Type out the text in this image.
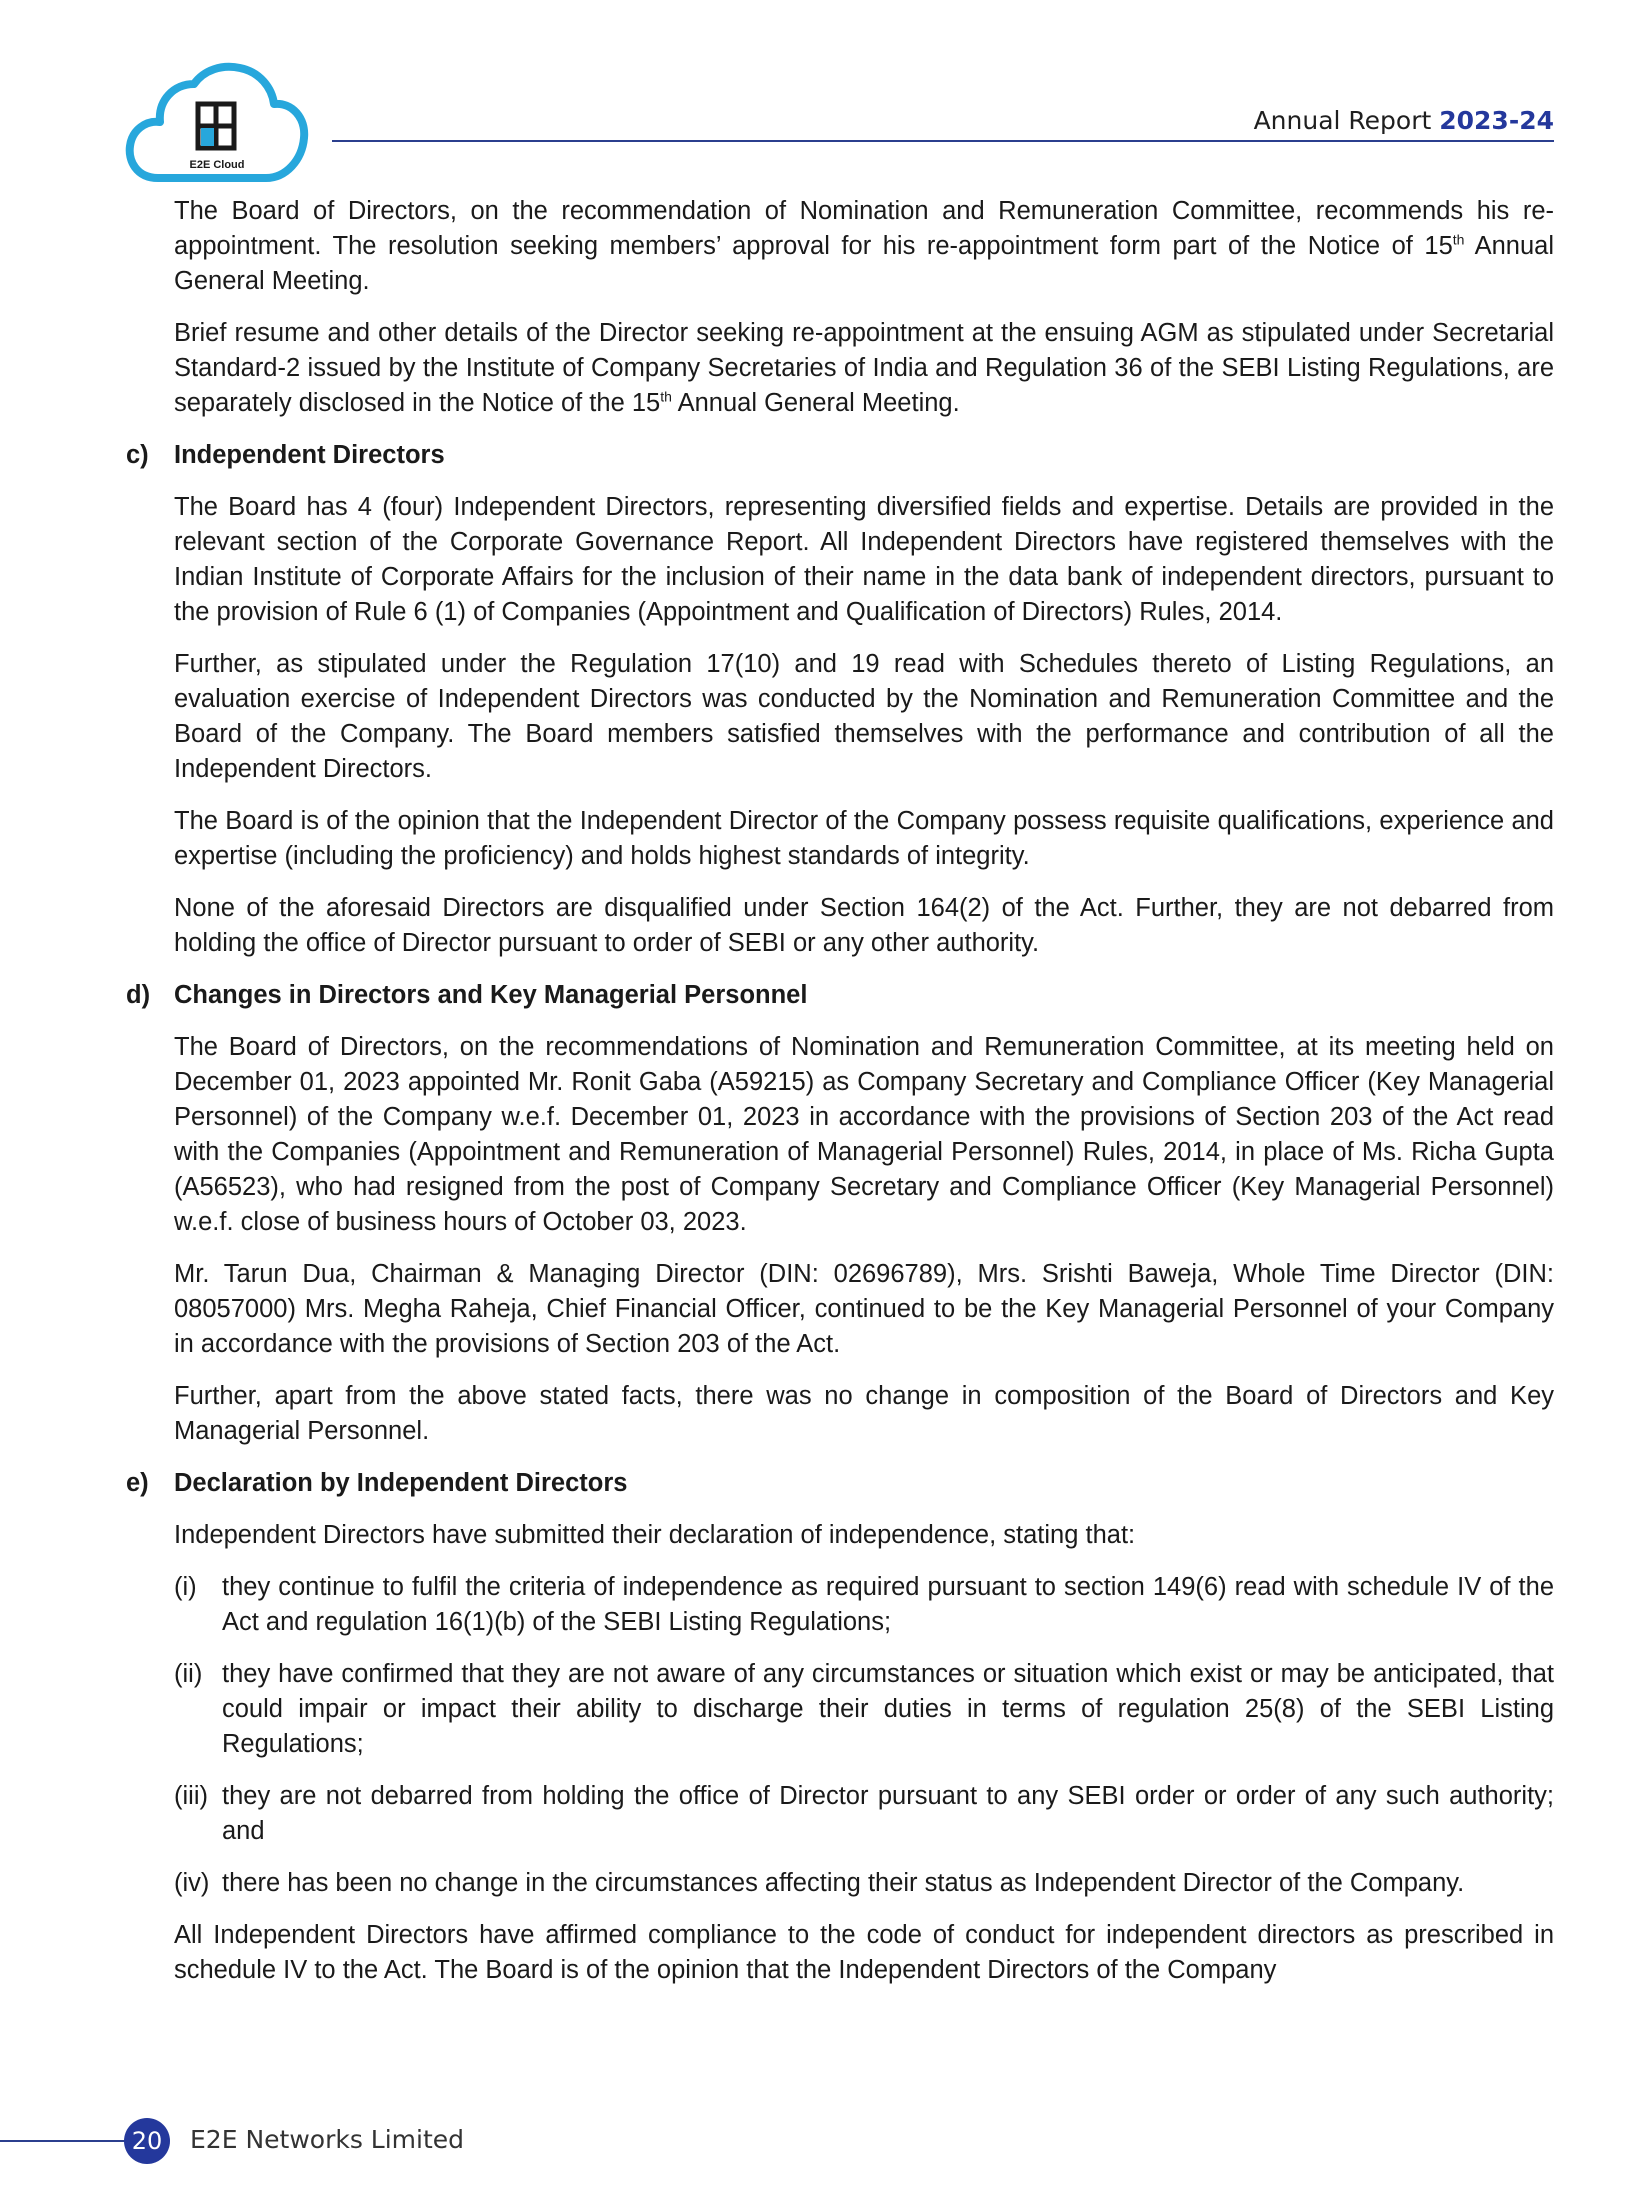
E2E Cloud
Annual Report 2023-24

The Board of Directors, on the recommendation of Nomination and Remuneration Committee, recommends his re-appointment. The resolution seeking members’ approval for his re-appointment form part of the Notice of 15th Annual General Meeting.

Brief resume and other details of the Director seeking re-appointment at the ensuing AGM as stipulated under Secretarial Standard-2 issued by the Institute of Company Secretaries of India and Regulation 36 of the SEBI Listing Regulations, are separately disclosed in the Notice of the 15th Annual General Meeting.

c) Independent Directors

The Board has 4 (four) Independent Directors, representing diversified fields and expertise. Details are provided in the relevant section of the Corporate Governance Report. All Independent Directors have registered themselves with the Indian Institute of Corporate Affairs for the inclusion of their name in the data bank of independent directors, pursuant to the provision of Rule 6 (1) of Companies (Appointment and Qualification of Directors) Rules, 2014.

Further, as stipulated under the Regulation 17(10) and 19 read with Schedules thereto of Listing Regulations, an evaluation exercise of Independent Directors was conducted by the Nomination and Remuneration Committee and the Board of the Company. The Board members satisfied themselves with the performance and contribution of all the Independent Directors.

The Board is of the opinion that the Independent Director of the Company possess requisite qualifications, experience and expertise (including the proficiency) and holds highest standards of integrity.

None of the aforesaid Directors are disqualified under Section 164(2) of the Act. Further, they are not debarred from holding the office of Director pursuant to order of SEBI or any other authority.

d) Changes in Directors and Key Managerial Personnel

The Board of Directors, on the recommendations of Nomination and Remuneration Committee, at its meeting held on December 01, 2023 appointed Mr. Ronit Gaba (A59215) as Company Secretary and Compliance Officer (Key Managerial Personnel) of the Company w.e.f. December 01, 2023 in accordance with the provisions of Section 203 of the Act read with the Companies (Appointment and Remuneration of Managerial Personnel) Rules, 2014, in place of Ms. Richa Gupta (A56523), who had resigned from the post of Company Secretary and Compliance Officer (Key Managerial Personnel) w.e.f. close of business hours of October 03, 2023.

Mr. Tarun Dua, Chairman & Managing Director (DIN: 02696789), Mrs. Srishti Baweja, Whole Time Director (DIN: 08057000) Mrs. Megha Raheja, Chief Financial Officer, continued to be the Key Managerial Personnel of your Company in accordance with the provisions of Section 203 of the Act.

Further, apart from the above stated facts, there was no change in composition of the Board of Directors and Key Managerial Personnel.

e) Declaration by Independent Directors

Independent Directors have submitted their declaration of independence, stating that:

(i) they continue to fulfil the criteria of independence as required pursuant to section 149(6) read with schedule IV of the Act and regulation 16(1)(b) of the SEBI Listing Regulations;
(ii) they have confirmed that they are not aware of any circumstances or situation which exist or may be anticipated, that could impair or impact their ability to discharge their duties in terms of regulation 25(8) of the SEBI Listing Regulations;
(iii) they are not debarred from holding the office of Director pursuant to any SEBI order or order of any such authority; and
(iv) there has been no change in the circumstances affecting their status as Independent Director of the Company.

All Independent Directors have affirmed compliance to the code of conduct for independent directors as prescribed in schedule IV to the Act. The Board is of the opinion that the Independent Directors of the Company

20	E2E Networks Limited
